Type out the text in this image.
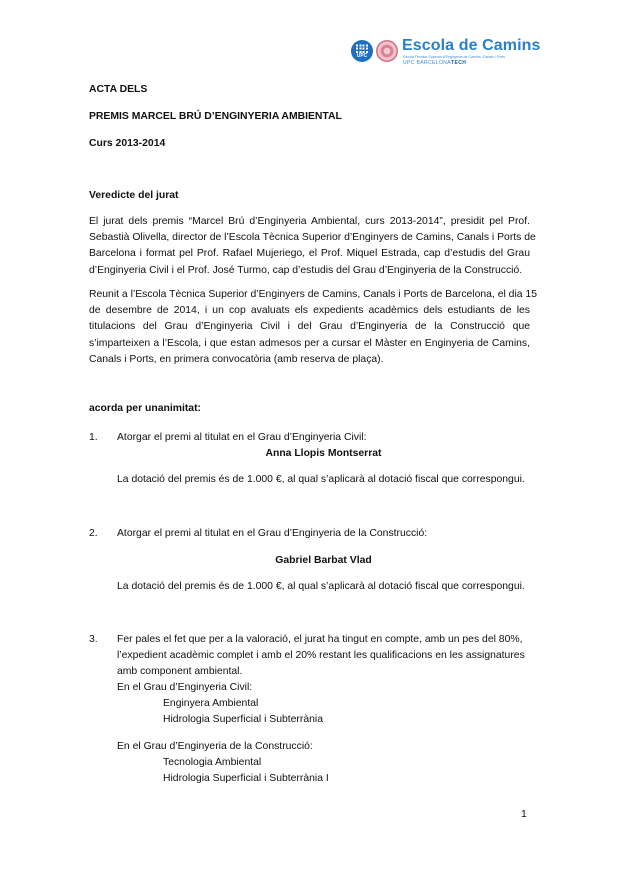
UPC
Escola de Camins
Escola Tècnica Superior d'Enginyeria de Camins, Canals i Ports
UPC BARCELONATECH
ACTA DELS
PREMIS MARCEL BRÚ D’ENGINYERIA AMBIENTAL
Curs 2013-2014
Veredicte del jurat
El jurat dels premis “Marcel Brú d’Enginyeria Ambiental, curs 2013-2014”, presidit pel Prof.
Sebastià Olivella, director de l’Escola Tècnica Superior d’Enginyers de Camins, Canals i Ports de
Barcelona i format pel Prof. Rafael Mujeriego, el Prof. Miquel Estrada, cap d’estudis del Grau
d’Enginyeria Civil i el Prof. José Turmo, cap d’estudis del Grau d’Enginyeria de la Construcció.
Reunit a l’Escola Tècnica Superior d’Enginyers de Camins, Canals i Ports de Barcelona, el dia 15
de desembre de 2014, i un cop avaluats els expedients acadèmics dels estudiants de les
titulacions del Grau d’Enginyeria Civil i del Grau d’Enginyeria de la Construcció que
s’imparteixen a l’Escola, i que estan admesos per a cursar el Màster en Enginyeria de Camins,
Canals i Ports, en primera convocatòria (amb reserva de plaça).
acorda per unanimitat:
1. Atorgar el premi al titulat en el Grau d’Enginyeria Civil:
Anna Llopis Montserrat
La dotació del premis és de 1.000 €, al qual s’aplicarà al dotació fiscal que correspongui.
2. Atorgar el premi al titulat en el Grau d’Enginyeria de la Construcció:
Gabriel Barbat Vlad
La dotació del premis és de 1.000 €, al qual s’aplicarà al dotació fiscal que correspongui.
3. Fer pales el fet que per a la valoració, el jurat ha tingut en compte, amb un pes del 80%,
l’expedient acadèmic complet i amb el 20% restant les qualificacions en les assignatures
amb component ambiental.
En el Grau d’Enginyeria Civil:
Enginyera Ambiental
Hidrologia Superficial i Subterrània
En el Grau d’Enginyeria de la Construcció:
Tecnologia Ambiental
Hidrologia Superficial i Subterrània I
1
